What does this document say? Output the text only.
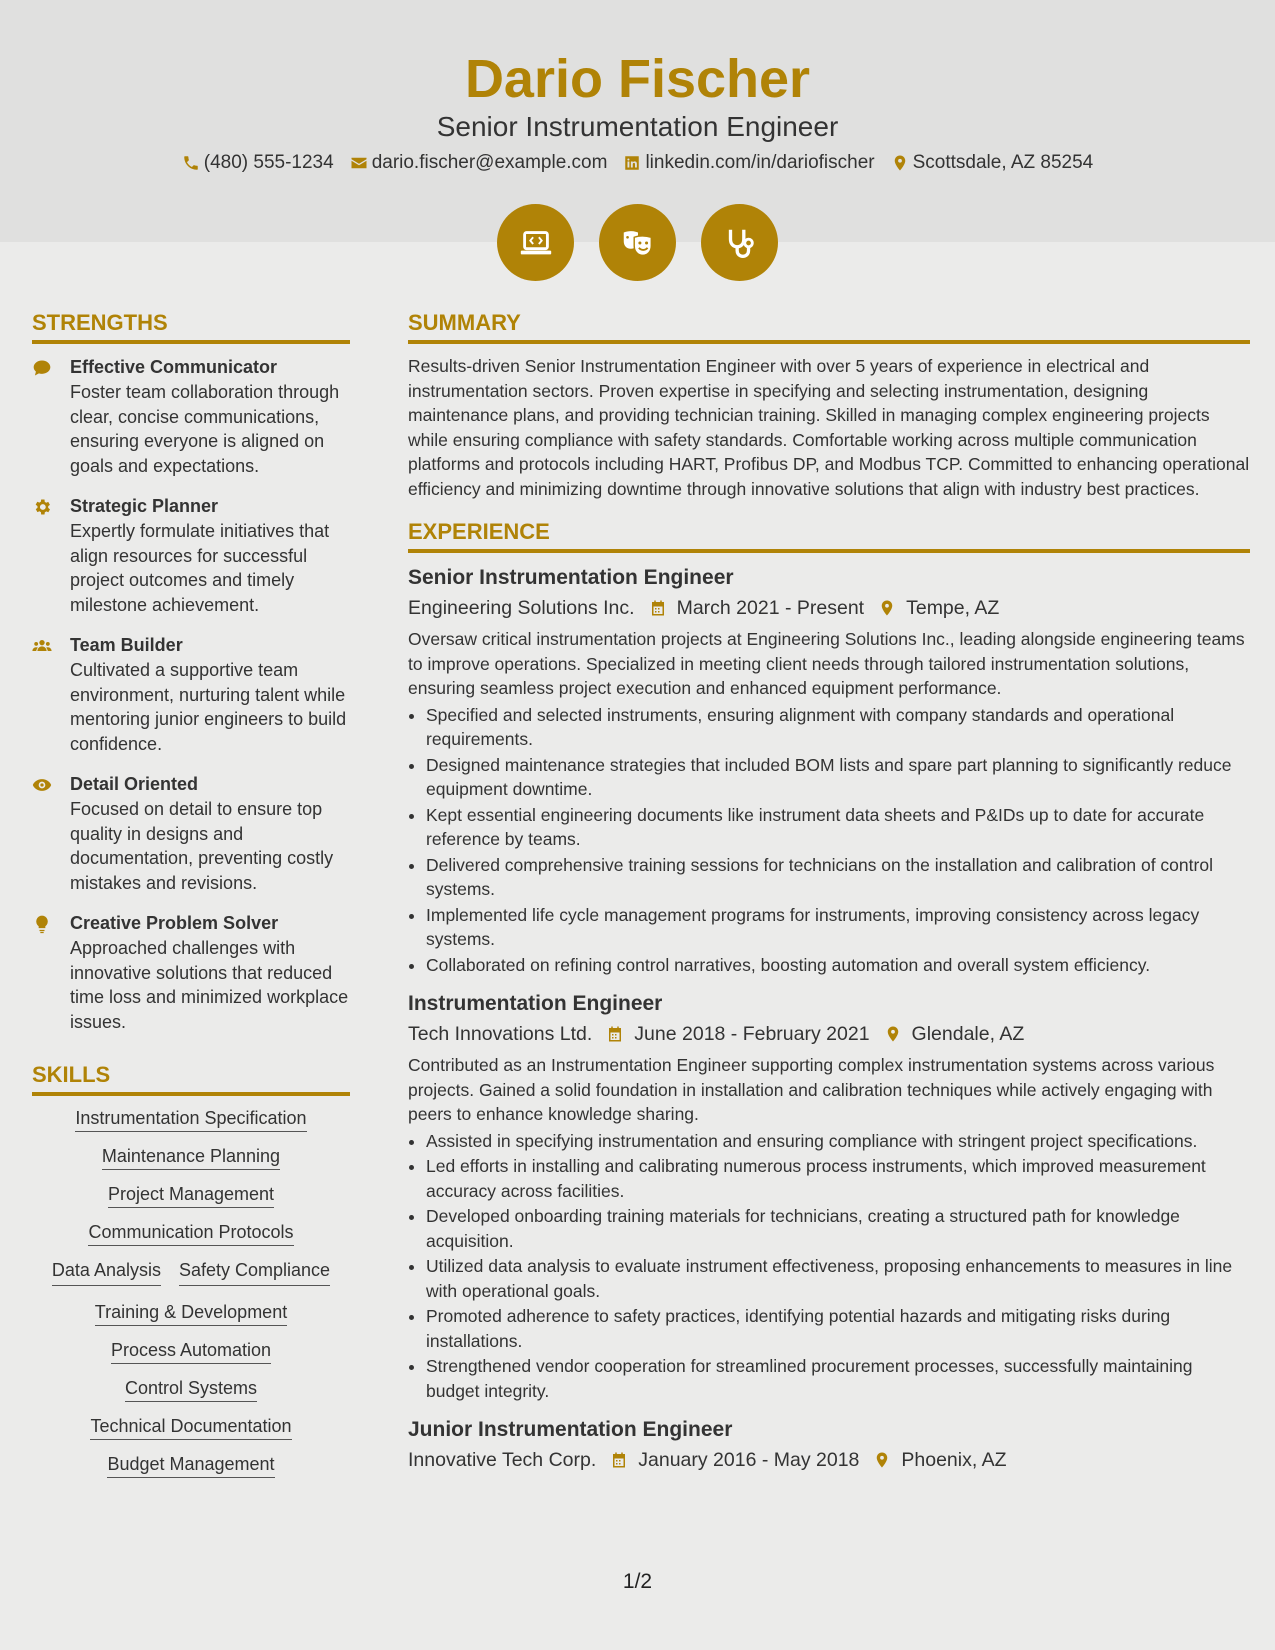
Dario Fischer
Senior Instrumentation Engineer
(480) 555-1234 dario.fischer@example.com linkedin.com/in/dariofischer Scottsdale, AZ 85254
STRENGTHS
Effective Communicator
Foster team collaboration through clear, concise communications, ensuring everyone is aligned on goals and expectations.
Strategic Planner
Expertly formulate initiatives that align resources for successful project outcomes and timely milestone achievement.
Team Builder
Cultivated a supportive team environment, nurturing talent while mentoring junior engineers to build confidence.
Detail Oriented
Focused on detail to ensure top quality in designs and documentation, preventing costly mistakes and revisions.
Creative Problem Solver
Approached challenges with innovative solutions that reduced time loss and minimized workplace issues.
SKILLS
Instrumentation Specification
Maintenance Planning
Project Management
Communication Protocols
Data Analysis Safety Compliance
Training & Development
Process Automation
Control Systems
Technical Documentation
Budget Management
SUMMARY
Results-driven Senior Instrumentation Engineer with over 5 years of experience in electrical and instrumentation sectors. Proven expertise in specifying and selecting instrumentation, designing maintenance plans, and providing technician training. Skilled in managing complex engineering projects while ensuring compliance with safety standards. Comfortable working across multiple communication platforms and protocols including HART, Profibus DP, and Modbus TCP. Committed to enhancing operational efficiency and minimizing downtime through innovative solutions that align with industry best practices.
EXPERIENCE
Senior Instrumentation Engineer
Engineering Solutions Inc. March 2021 - Present Tempe, AZ
Oversaw critical instrumentation projects at Engineering Solutions Inc., leading alongside engineering teams to improve operations. Specialized in meeting client needs through tailored instrumentation solutions, ensuring seamless project execution and enhanced equipment performance.
• Specified and selected instruments, ensuring alignment with company standards and operational requirements.
• Designed maintenance strategies that included BOM lists and spare part planning to significantly reduce equipment downtime.
• Kept essential engineering documents like instrument data sheets and P&IDs up to date for accurate reference by teams.
• Delivered comprehensive training sessions for technicians on the installation and calibration of control systems.
• Implemented life cycle management programs for instruments, improving consistency across legacy systems.
• Collaborated on refining control narratives, boosting automation and overall system efficiency.
Instrumentation Engineer
Tech Innovations Ltd. June 2018 - February 2021 Glendale, AZ
Contributed as an Instrumentation Engineer supporting complex instrumentation systems across various projects. Gained a solid foundation in installation and calibration techniques while actively engaging with peers to enhance knowledge sharing.
• Assisted in specifying instrumentation and ensuring compliance with stringent project specifications.
• Led efforts in installing and calibrating numerous process instruments, which improved measurement accuracy across facilities.
• Developed onboarding training materials for technicians, creating a structured path for knowledge acquisition.
• Utilized data analysis to evaluate instrument effectiveness, proposing enhancements to measures in line with operational goals.
• Promoted adherence to safety practices, identifying potential hazards and mitigating risks during installations.
• Strengthened vendor cooperation for streamlined procurement processes, successfully maintaining budget integrity.
Junior Instrumentation Engineer
Innovative Tech Corp. January 2016 - May 2018 Phoenix, AZ
1/2
